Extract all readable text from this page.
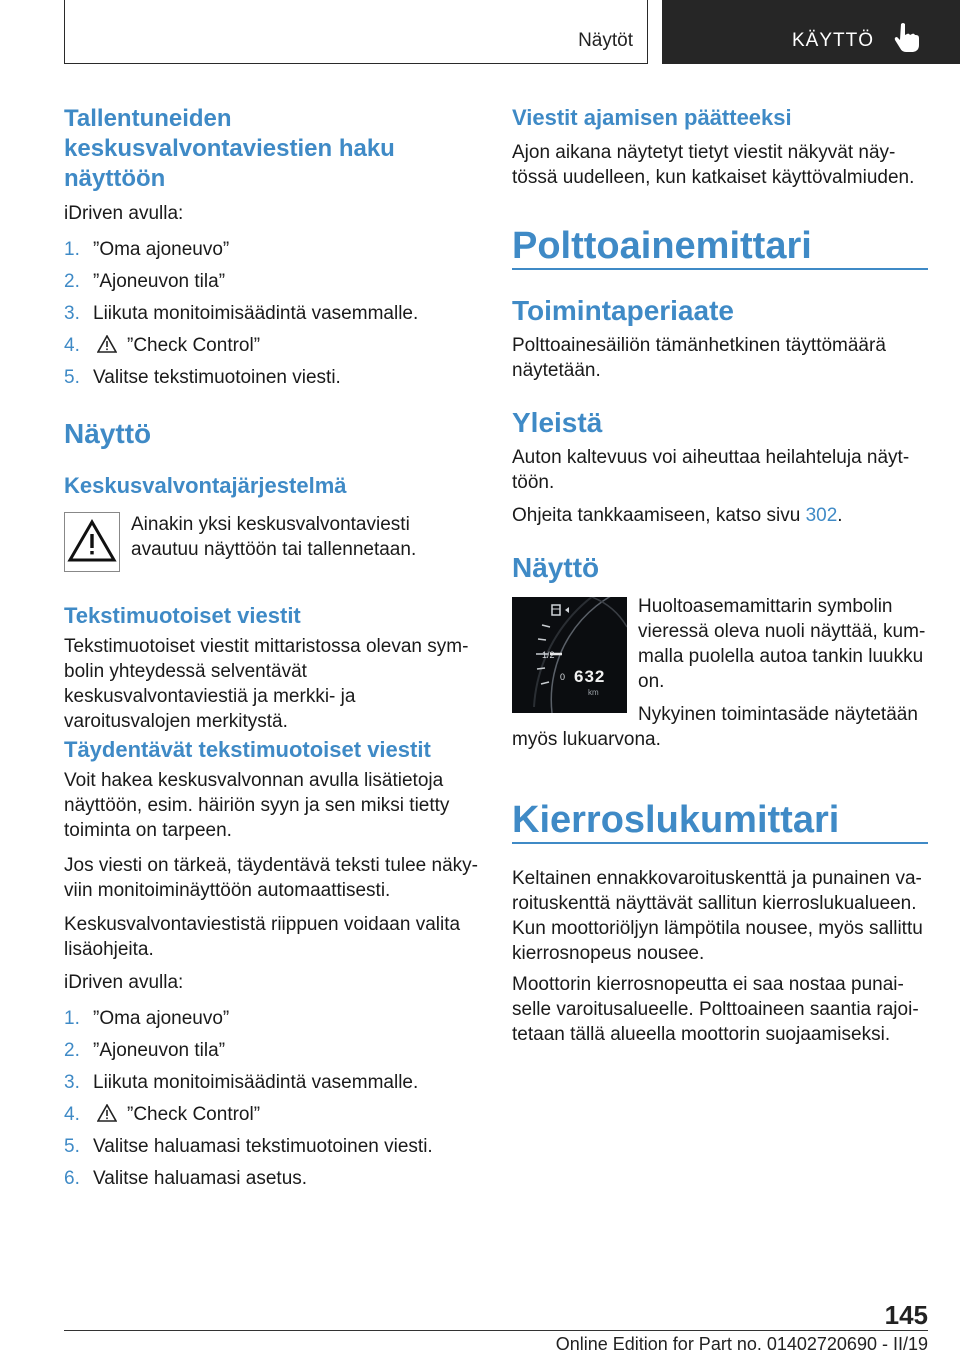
Näytöt	KÄYTTÖ
Tallentuneiden keskusvalvontaviestien haku näyttöön

iDriven avulla:

1. ”Oma ajoneuvo”
2. ”Ajoneuvon tila”
3. Liikuta monitoimisäädintä vasemmalle.
4. ”Check Control”
5. Valitse tekstimuotoinen viesti.
Näyttö
Keskusvalvontajärjestelmä

Ainakin yksi keskusvalvontaviesti avautuu näyttöön tai tallennetaan.

Tekstimuotoiset viestit

Tekstimuotoiset viestit mittaristossa olevan symbolin yhteydessä selventävät keskusvalvontaviestiä ja merkki- ja varoitusvalojen merkitystä.

Täydentävät tekstimuotoiset viestit

Voit hakea keskusvalvonnan avulla lisätietoja näyttöön, esim. häiriön syyn ja sen miksi tietty toiminta on tarpeen.

Jos viesti on tärkeä, täydentävä teksti tulee näkyviin monitoiminäyttöön automaattisesti.

Keskusvalvontaviestistä riippuen voidaan valita lisäohjeita.

iDriven avulla:

1. ”Oma ajoneuvo”
2. ”Ajoneuvon tila”
3. Liikuta monitoimisäädintä vasemmalle.
4. ”Check Control”
5. Valitse haluamasi tekstimuotoinen viesti.
6. Valitse haluamasi asetus.
Viestit ajamisen päätteeksi

Ajon aikana näytetyt tietyt viestit näkyvät näytössä uudelleen, kun katkaiset käyttövalmiuden.

Polttoainemittari
Toimintaperiaate

Polttoainesäiliön tämänhetkinen täyttömäärä näytetään.

Yleistä

Auton kaltevuus voi aiheuttaa heilahteluja näyttöön.

Ohjeita tankkaamiseen, katso sivu 302.

Näyttö
1/2
0 632
km

Huoltoasemamittarin symbolin vieressä oleva nuoli näyttää, kummalla puolella autoa tankin luukku on.

Nykyinen toimintasäde näytetään myös lukuarvona.

Kierroslukumittari

Keltainen ennakkovaroituskenttä ja punainen varoituskenttä näyttävät sallitun kierroslukualueen. Kun moottoriöljyn lämpötila nousee, myös sallittu kierrosnopeus nousee.

Moottorin kierrosnopeutta ei saa nostaa punaiselle varoitusalueelle. Polttoaineen saantia rajoitetaan tällä alueella moottorin suojaamiseksi.

145
Online Edition for Part no. 01402720690 - II/19
